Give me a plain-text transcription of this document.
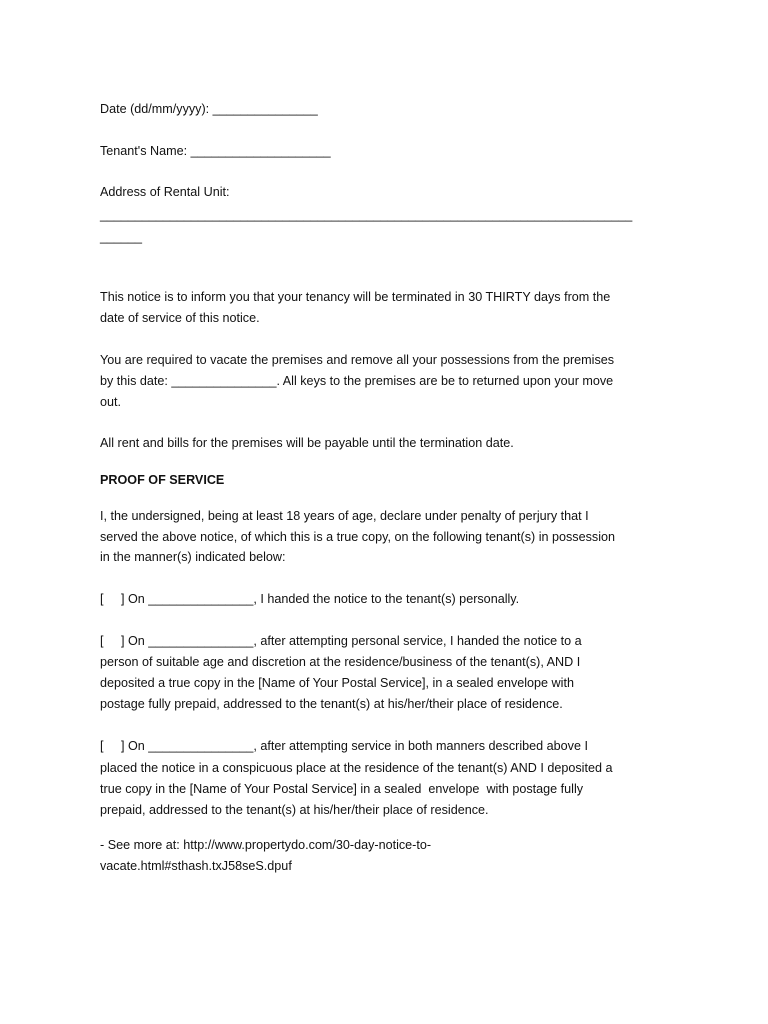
Date (dd/mm/yyyy): _______________
Tenant's Name: ____________________
Address of Rental Unit:
____________________________________________________________________________
______
This notice is to inform you that your tenancy will be terminated in 30 THIRTY days from the
date of service of this notice.
You are required to vacate the premises and remove all your possessions from the premises
by this date: _______________. All keys to the premises are be to returned upon your move
out.
All rent and bills for the premises will be payable until the termination date.
PROOF OF SERVICE
I, the undersigned, being at least 18 years of age, declare under penalty of perjury that I
served the above notice, of which this is a true copy, on the following tenant(s) in possession
in the manner(s) indicated below:
[     ] On _______________, I handed the notice to the tenant(s) personally.
[     ] On _______________, after attempting personal service, I handed the notice to a
person of suitable age and discretion at the residence/business of the tenant(s), AND I
deposited a true copy in the [Name of Your Postal Service], in a sealed envelope with
postage fully prepaid, addressed to the tenant(s) at his/her/their place of residence.
[     ] On _______________, after attempting service in both manners described above I
placed the notice in a conspicuous place at the residence of the tenant(s) AND I deposited a
true copy in the [Name of Your Postal Service] in a sealed  envelope  with postage fully
prepaid, addressed to the tenant(s) at his/her/their place of residence.
- See more at: http://www.propertydo.com/30-day-notice-to-
vacate.html#sthash.txJ58seS.dpuf
